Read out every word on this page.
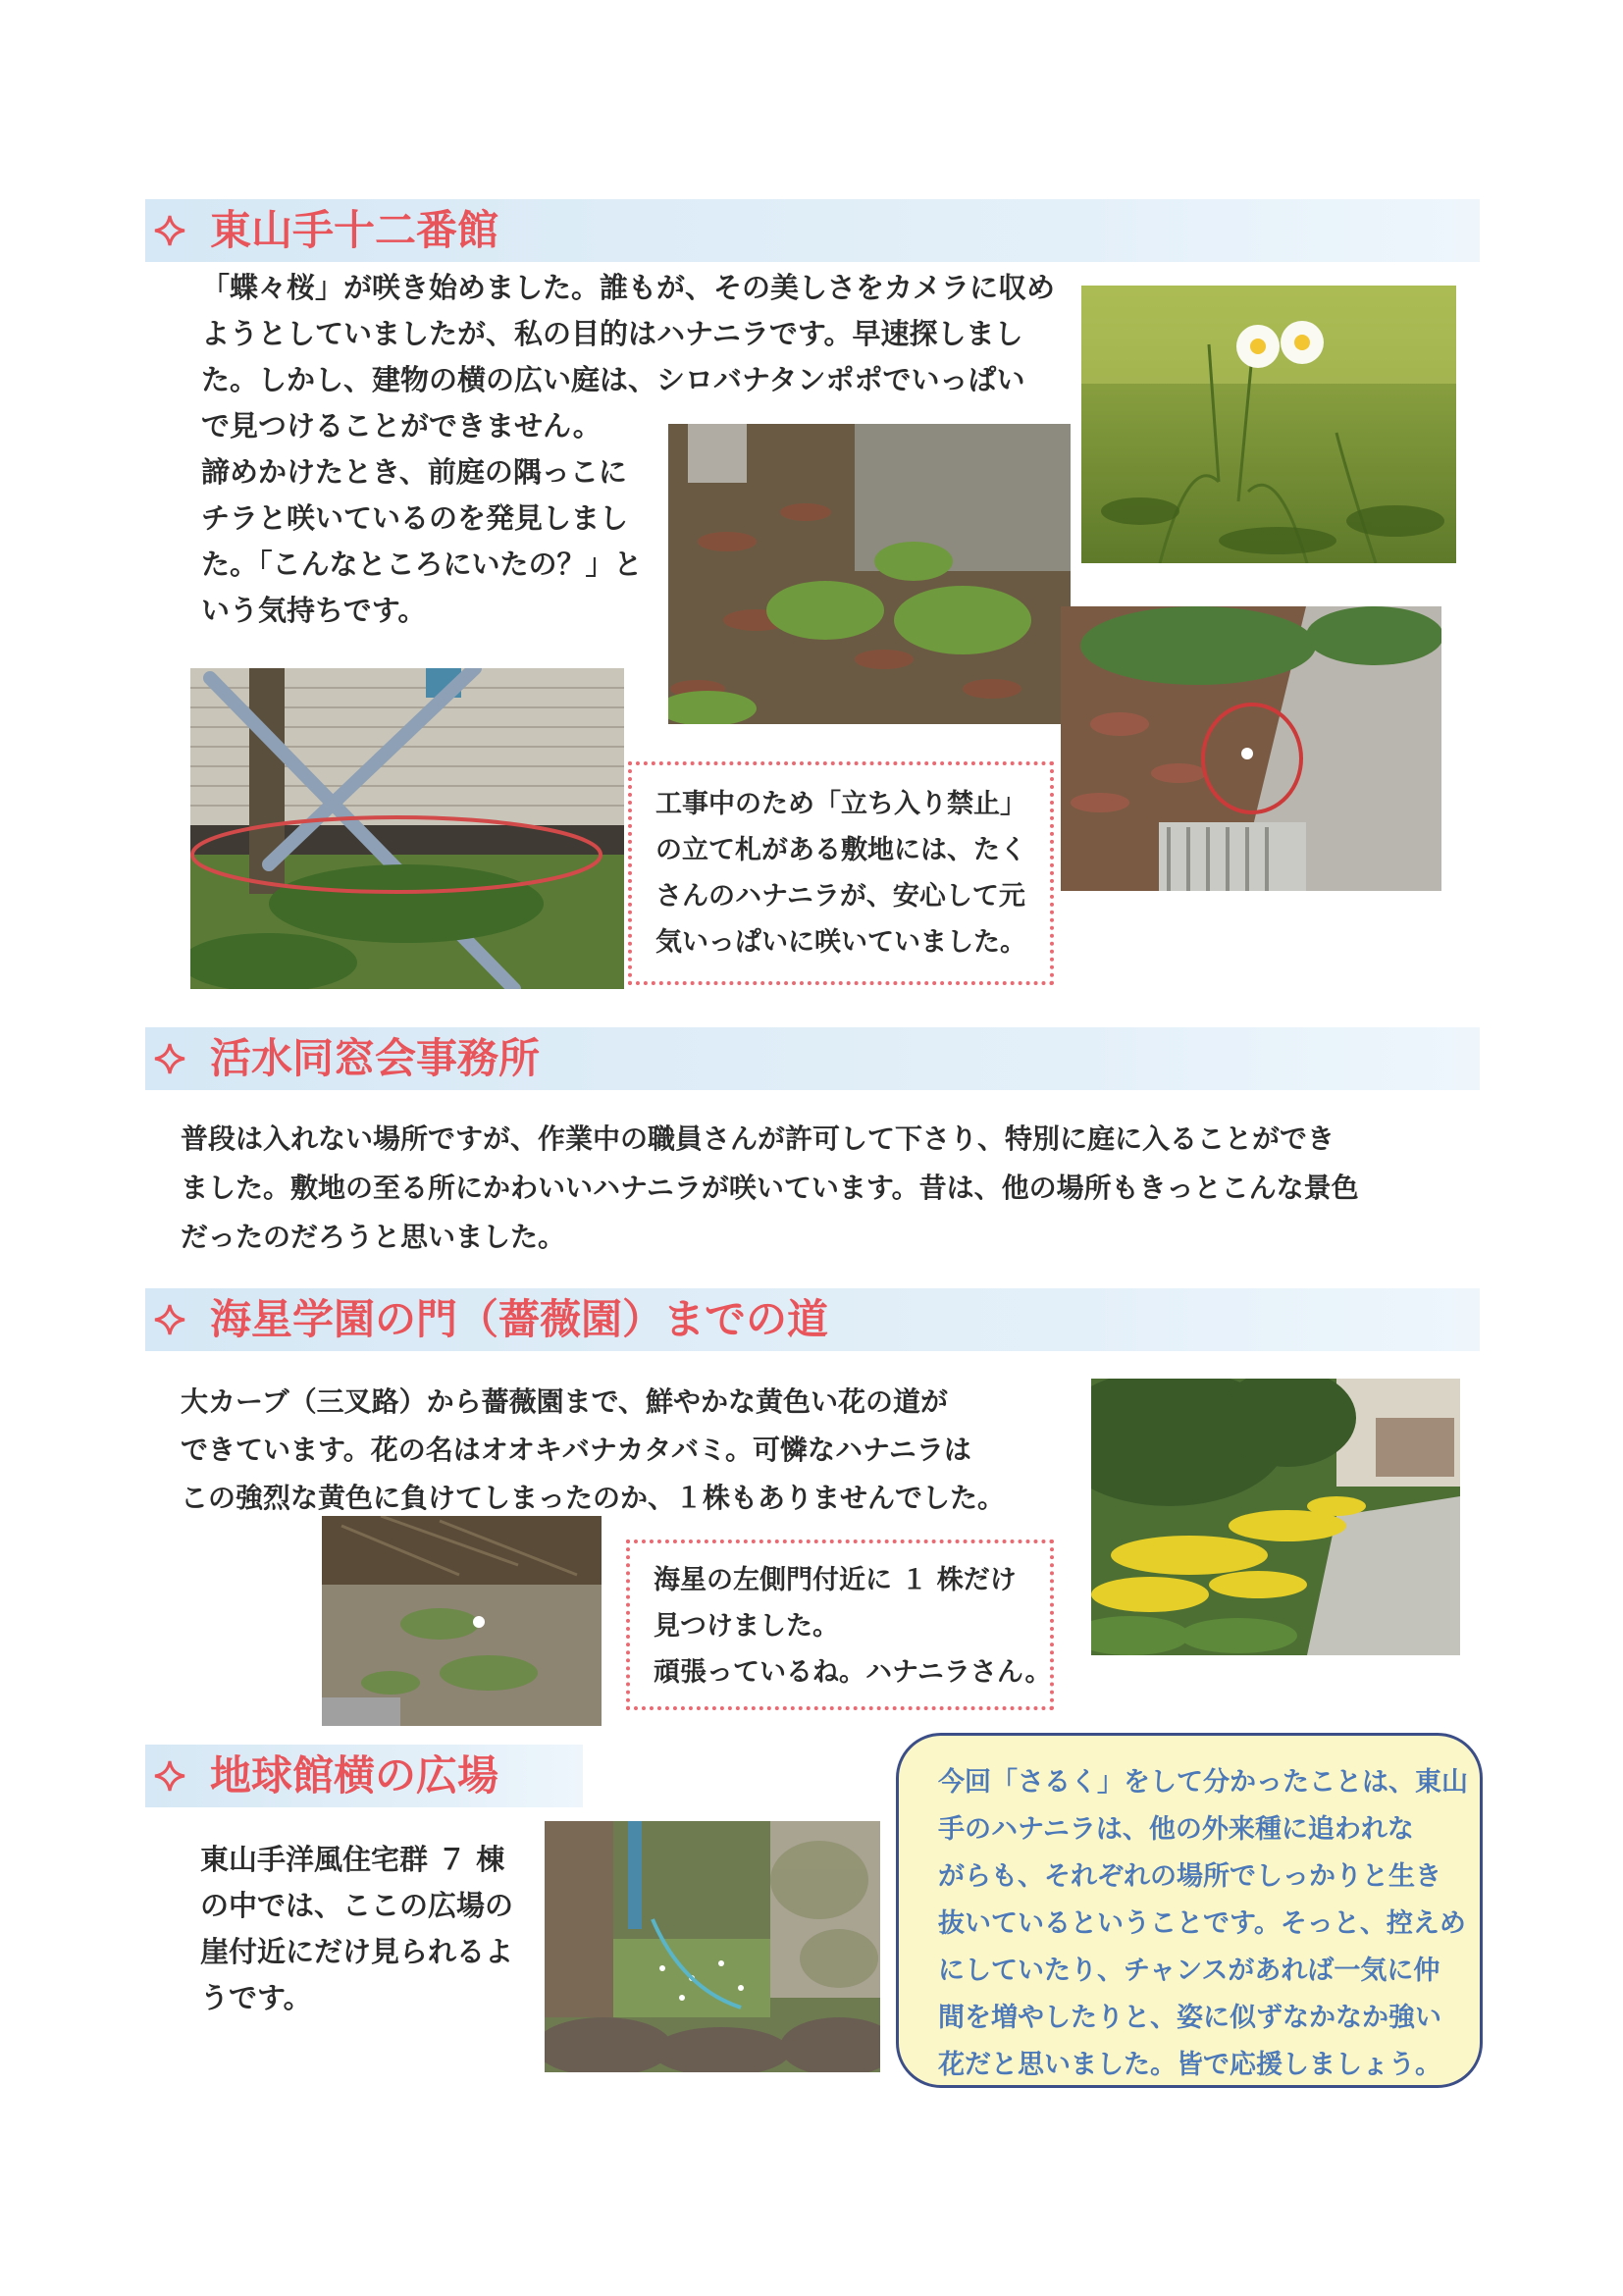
東山手十二番館
「蝶々桜」が咲き始めました。誰もが、その美しさをカメラに収め
ようとしていましたが、私の目的はハナニラです。早速探しまし
た。しかし、建物の横の広い庭は、シロバナタンポポでいっぱい
で見つけることができません。
諦めかけたとき、前庭の隅っこに
チラと咲いているのを発見しまし
た。「こんなところにいたの？」と
いう気持ちです。
工事中のため「立ち入り禁止」
の立て札がある敷地には、たく
さんのハナニラが、安心して元
気いっぱいに咲いていました。
活水同窓会事務所
普段は入れない場所ですが、作業中の職員さんが許可して下さり、特別に庭に入ることができ
ました。敷地の至る所にかわいいハナニラが咲いています。昔は、他の場所もきっとこんな景色
だったのだろうと思いました。
海星学園の門（薔薇園）までの道
大カーブ（三叉路）から薔薇園まで、鮮やかな黄色い花の道が
できています。花の名はオオキバナカタバミ。可憐なハナニラは
この強烈な黄色に負けてしまったのか、１株もありませんでした。
海星の左側門付近に １ 株だけ
見つけました。
頑張っているね。ハナニラさん。
地球館横の広場
東山手洋風住宅群 ７ 棟
の中では、ここの広場の
崖付近にだけ見られるよ
うです。
今回「さるく」をして分かったことは、東山
手のハナニラは、他の外来種に追われな
がらも、それぞれの場所でしっかりと生き
抜いているということです。そっと、控えめ
にしていたり、チャンスがあれば一気に仲
間を増やしたりと、姿に似ずなかなか強い
花だと思いました。皆で応援しましょう。
